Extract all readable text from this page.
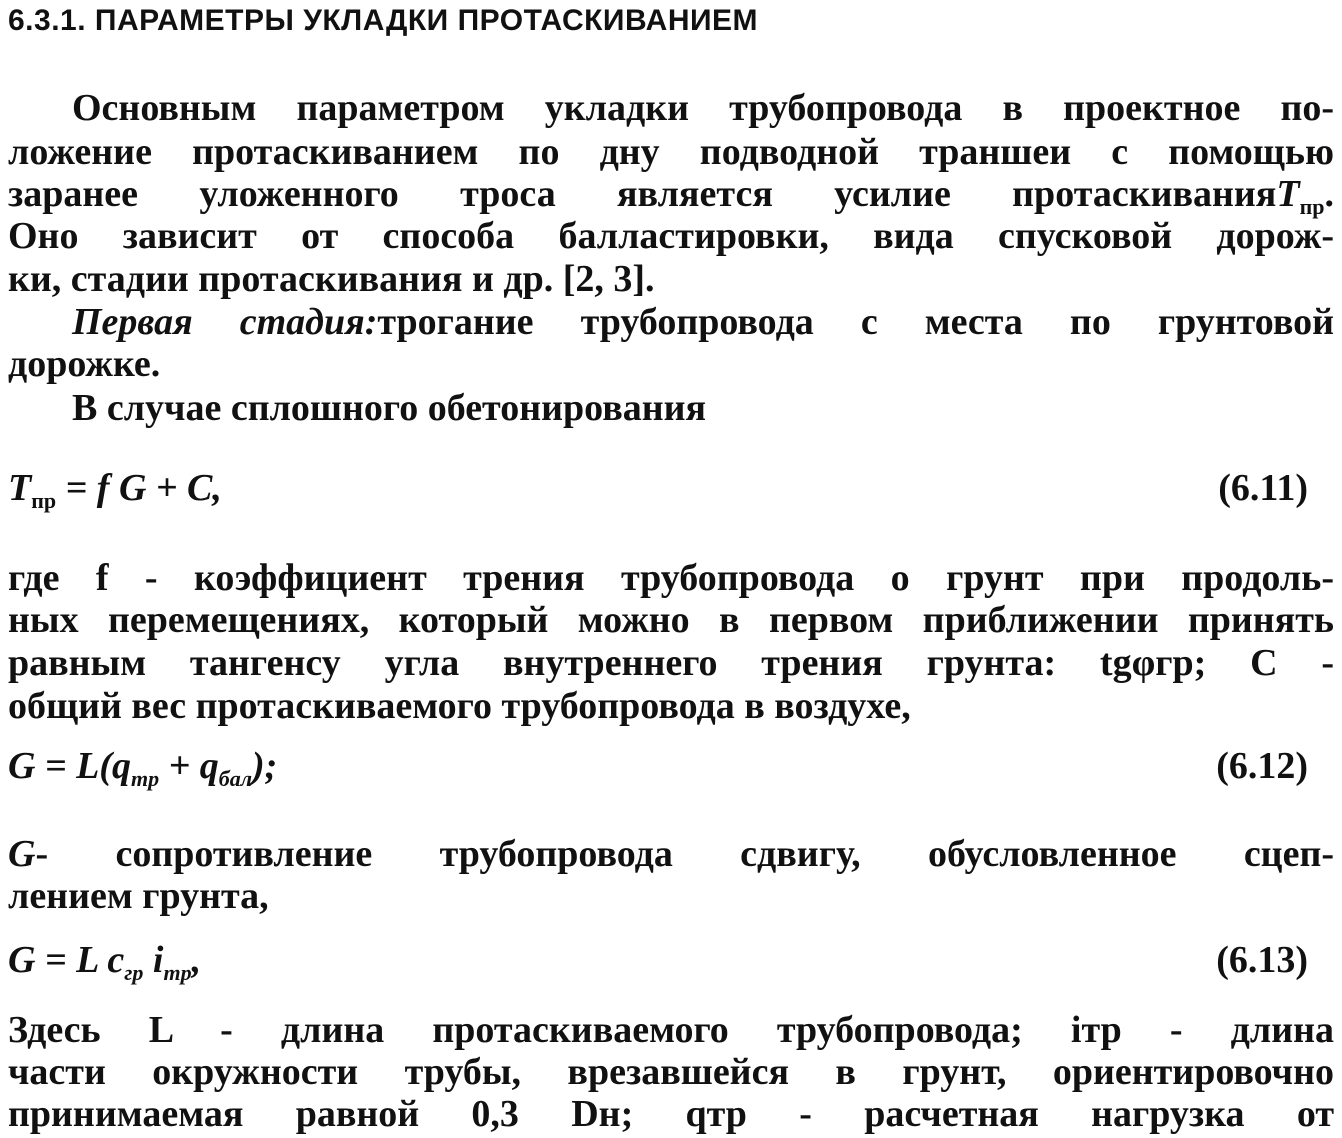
6.3.1. ПАРАМЕТРЫ УКЛАДКИ ПРОТАСКИВАНИЕМ
Основным параметром укладки трубопровода в проектное по-
ложение протаскиванием по дну подводной траншеи с помощью
заранее уложенного троса является усилие протаскиванияT$_{пр}$.
Оно зависит от способа балластировки, вида спусковой дорож-
ки, стадии протаскивания и др. [2, 3].
Первая стадия:трогание трубопровода с места по грунтовой
дорожке.
В случае сплошного обетонирования
$T_{пр} = f$ G + C,	(6.11)
где f - коэффициент трения трубопровода о грунт при продоль-
ных перемещениях, который можно в первом приближении принять
равным тангенсу угла внутреннего трения грунта: tgφгр; C -
общий вес протаскиваемого трубопровода в воздухе,
$G = L(q_{тр} + q_{бал})$;	(6.12)
G- сопротивление трубопровода сдвигу, обусловленное сцеп-
лением грунта,
G = L $c_{гр}$ $i_{тр}$,	(6.13)
Здесь L - длина протаскиваемого трубопровода; iтр - длина
части окружности трубы, врезавшейся в грунт, ориентировочно
принимаемая равной 0,3 Dн; qтр - расчетная нагрузка от
